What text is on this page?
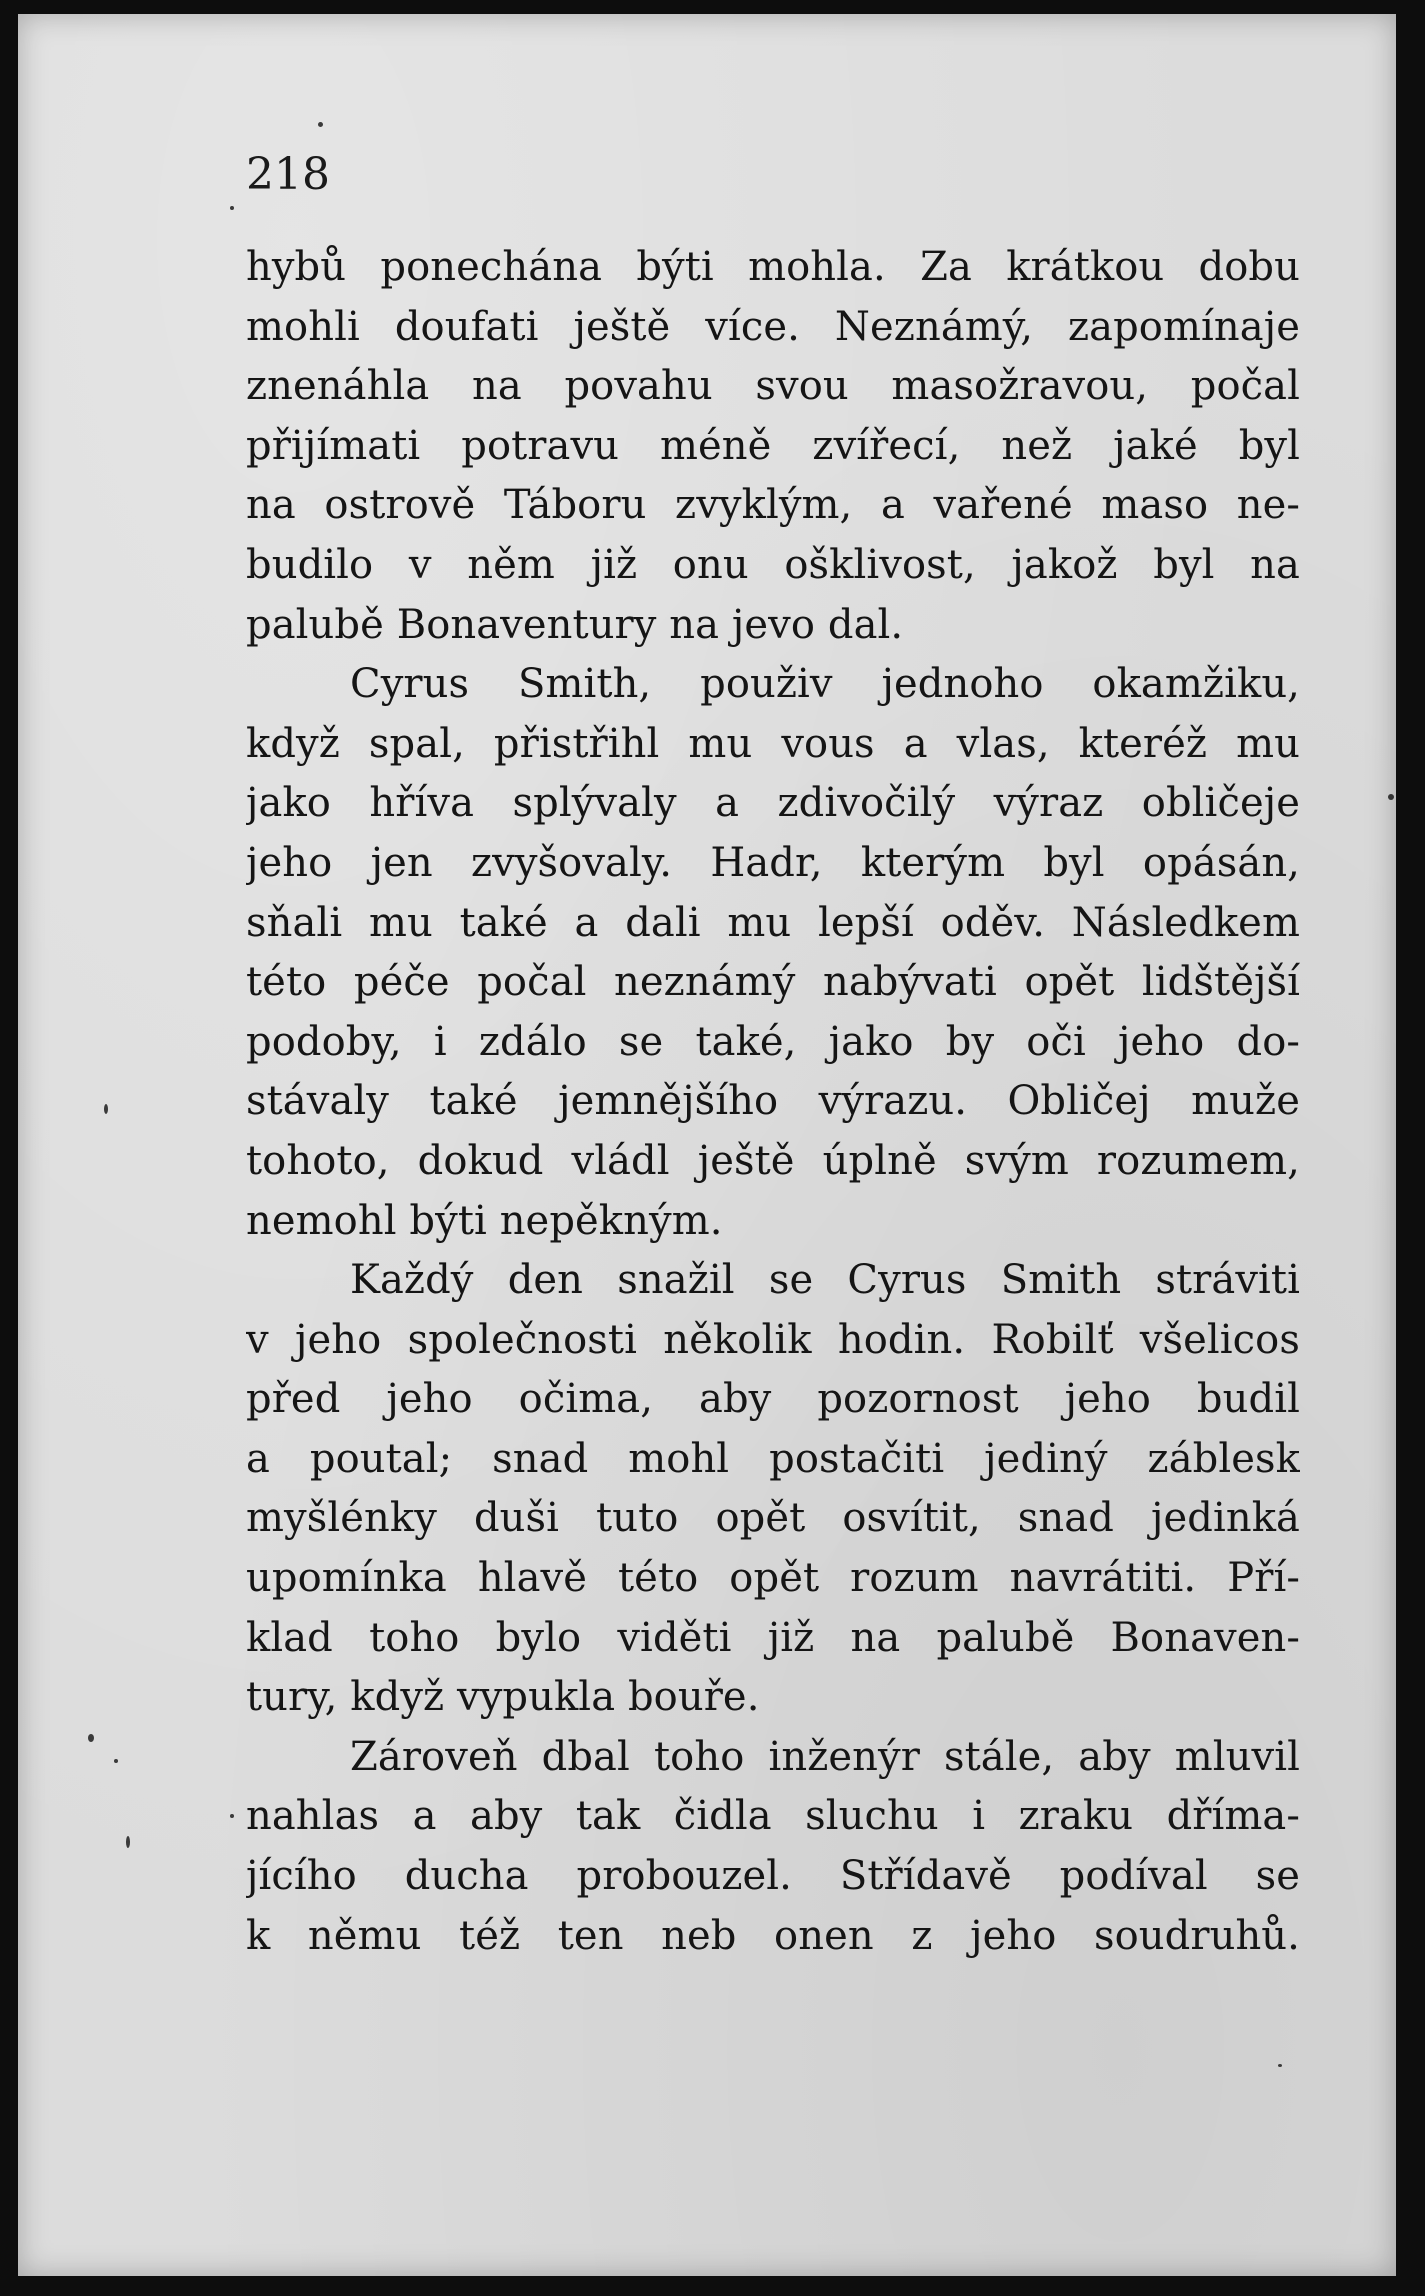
218
hybů ponechána býti mohla. Za krátkou dobu
mohli doufati ještě více. Neznámý, zapomínaje
znenáhla na povahu svou masožravou, počal
přijímati potravu méně zvířecí, než jaké byl
na ostrově Táboru zvyklým, a vařené maso ne-
budilo v něm již onu ošklivost, jakož byl na
palubě Bonaventury na jevo dal.
Cyrus Smith, použiv jednoho okamžiku,
když spal, přistřihl mu vous a vlas, kteréž mu
jako hříva splývaly a zdivočilý výraz obličeje
jeho jen zvyšovaly. Hadr, kterým byl opásán,
sňali mu také a dali mu lepší oděv. Následkem
této péče počal neznámý nabývati opět lidštější
podoby, i zdálo se také, jako by oči jeho do-
stávaly také jemnějšího výrazu. Obličej muže
tohoto, dokud vládl ještě úplně svým rozumem,
nemohl býti nepěkným.
Každý den snažil se Cyrus Smith stráviti
v jeho společnosti několik hodin. Robilť všelicos
před jeho očima, aby pozornost jeho budil
a poutal; snad mohl postačiti jediný záblesk
myšlénky duši tuto opět osvítit, snad jedinká
upomínka hlavě této opět rozum navrátiti. Pří-
klad toho bylo viděti již na palubě Bonaven-
tury, když vypukla bouře.
Zároveň dbal toho inženýr stále, aby mluvil
nahlas a aby tak čidla sluchu i zraku dříma-
jícího ducha probouzel. Střídavě podíval se
k němu též ten neb onen z jeho soudruhů.
